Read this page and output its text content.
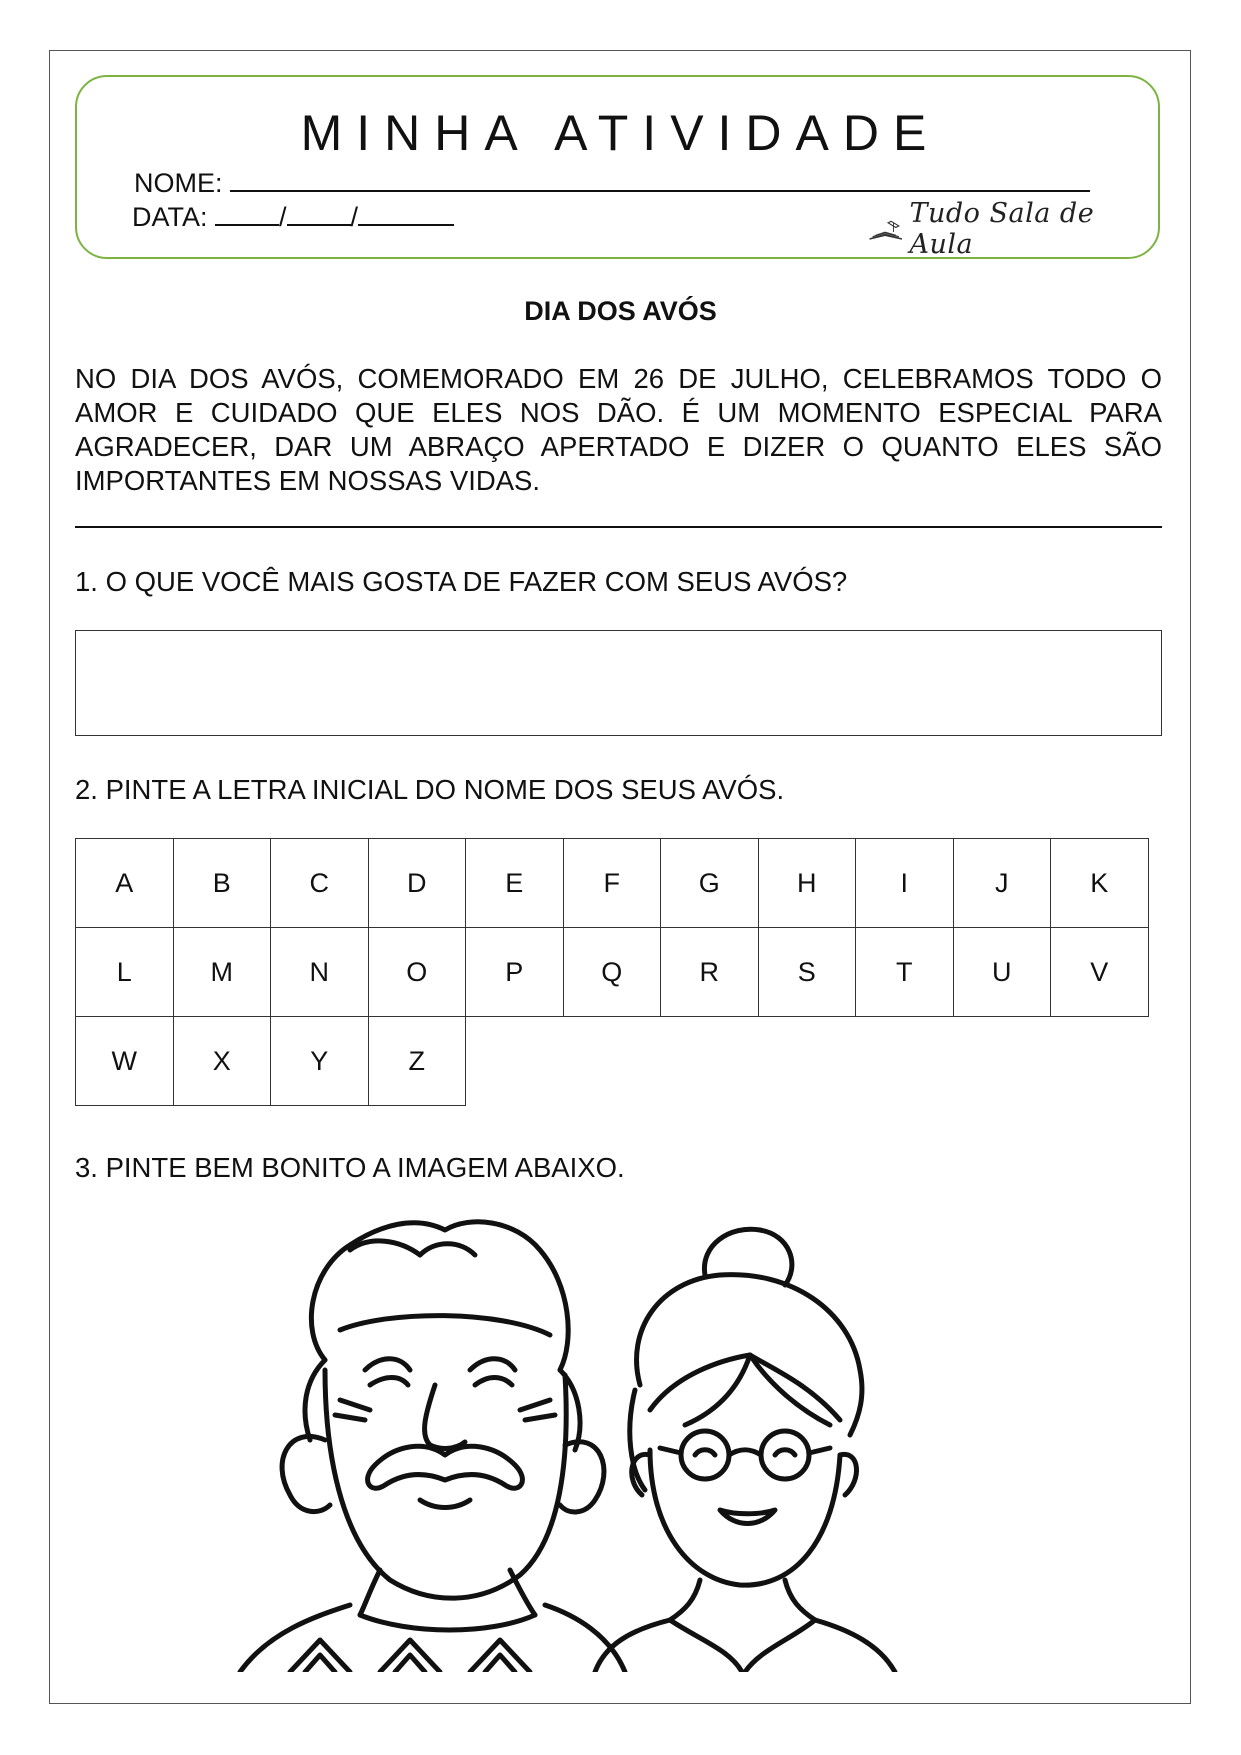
MINHA ATIVIDADE
NOME:
DATA:	/ /	Tudo Sala de Aula
DIA DOS AVÓS

NO DIA DOS AVÓS, COMEMORADO EM 26 DE JULHO, CELEBRAMOS TODO O AMOR E CUIDADO QUE ELES NOS DÃO. É UM MOMENTO ESPECIAL PARA AGRADECER, DAR UM ABRAÇO APERTADO E DIZER O QUANTO ELES SÃO IMPORTANTES EM NOSSAS VIDAS.

1. O QUE VOCÊ MAIS GOSTA DE FAZER COM SEUS AVÓS?

2. PINTE A LETRA INICIAL DO NOME DOS SEUS AVÓS.

A	B	C	D	E	F	G	H	I	J	K
L	M	N	O	P	Q	R	S	T	U	V
W	X	Y	Z							

3. PINTE BEM BONITO A IMAGEM ABAIXO.
